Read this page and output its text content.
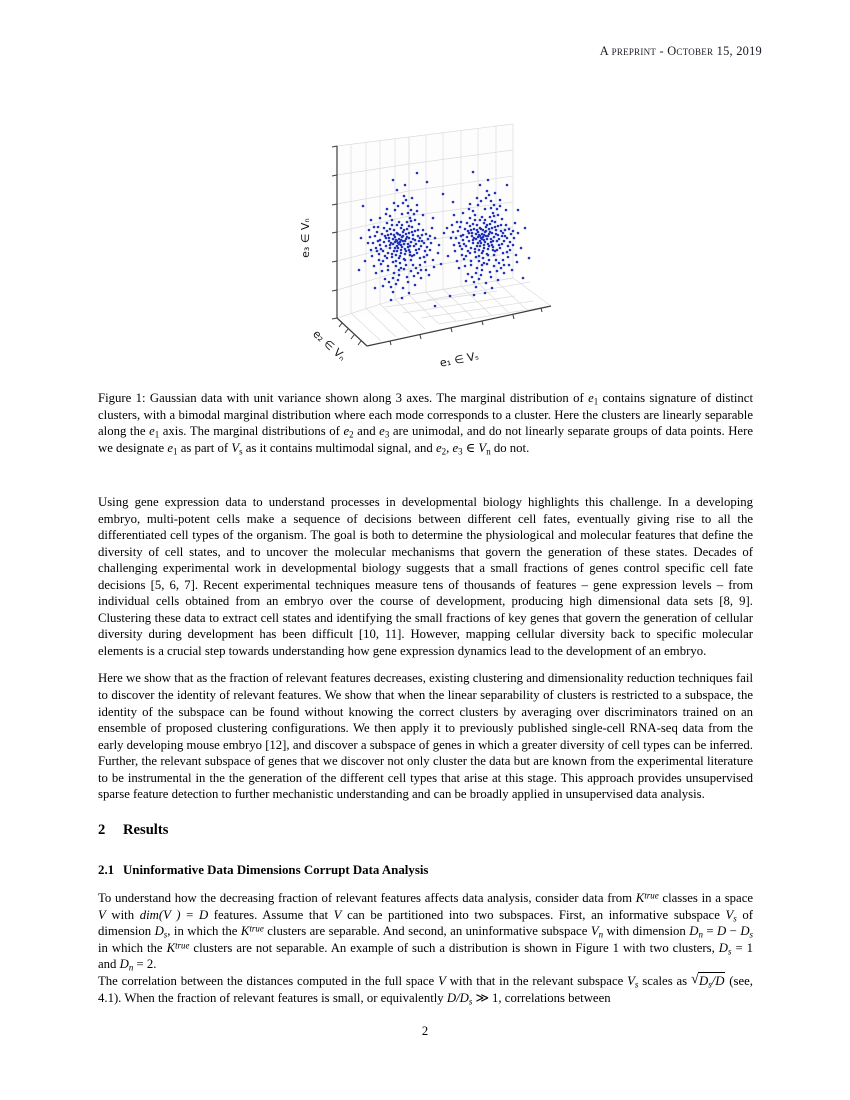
A preprint - October 15, 2019
e₃ ∈ Vₙ
e₂ ∈ Vₙ	e₁ ∈ Vₛ

Figure 1: Gaussian data with unit variance shown along 3 axes. The marginal distribution of $e_1$ contains signature of distinct clusters, with a bimodal marginal distribution where each mode corresponds to a cluster. Here the clusters are linearly separable along the $e_1$ axis. The marginal distributions of $e_2$ and $e_3$ are unimodal, and do not linearly separate groups of data points. Here we designate $e_1$ as part of $V_s$ as it contains multimodal signal, and $e_2$, $e_3$ ∈ $V_n$ do not.

Using gene expression data to understand processes in developmental biology highlights this challenge. In a developing embryo, multi-potent cells make a sequence of decisions between different cell fates, eventually giving rise to all the differentiated cell types of the organism. The goal is both to determine the physiological and molecular features that define the diversity of cell states, and to uncover the molecular mechanisms that govern the generation of these states. Decades of challenging experimental work in developmental biology suggests that a small fractions of genes control specific cell fate decisions [5, 6, 7]. Recent experimental techniques measure tens of thousands of features – gene expression levels – from individual cells obtained from an embryo over the course of development, producing high dimensional data sets [8, 9]. Clustering these data to extract cell states and identifying the small fractions of key genes that govern the generation of cellular diversity during development has been difficult [10, 11]. However, mapping cellular diversity back to specific molecular elements is a crucial step towards understanding how gene expression dynamics lead to the development of an embryo.

Here we show that as the fraction of relevant features decreases, existing clustering and dimensionality reduction techniques fail to discover the identity of relevant features. We show that when the linear separability of clusters is restricted to a subspace, the identity of the subspace can be found without knowing the correct clusters by averaging over discriminators trained on an ensemble of proposed clustering configurations. We then apply it to previously published single-cell RNA-seq data from the early developing mouse embryo [12], and discover a subspace of genes in which a greater diversity of cell types can be inferred. Further, the relevant subspace of genes that we discover not only cluster the data but are known from the experimental literature to be instrumental in the the generation of the different cell types that arise at this stage. This approach provides unsupervised sparse feature detection to further mechanistic understanding and can be broadly applied in unsupervised data analysis.

2 Results
2.1 Uninformative Data Dimensions Corrupt Data Analysis

To understand how the decreasing fraction of relevant features affects data analysis, consider data from $K^{true}$ classes in a space V with dim(V ) = D features. Assume that V can be partitioned into two subspaces. First, an informative subspace $V_s$ of dimension $D_s$, in which the $K^{true}$ clusters are separable. And second, an uninformative subspace $V_n$ with dimension $D_n = D - D_s$ in which the $K^{true}$ clusters are not separable. An example of such a distribution is shown in Figure 1 with two clusters, $D_s = 1$ and $D_n = 2$.

The correlation between the distances computed in the full space V with that in the relevant subspace $V_s$ scales as √ $D_s/D$ (see, 4.1). When the fraction of relevant features is small, or equivalently $D/D_s$ ≫ 1, correlations between

2
